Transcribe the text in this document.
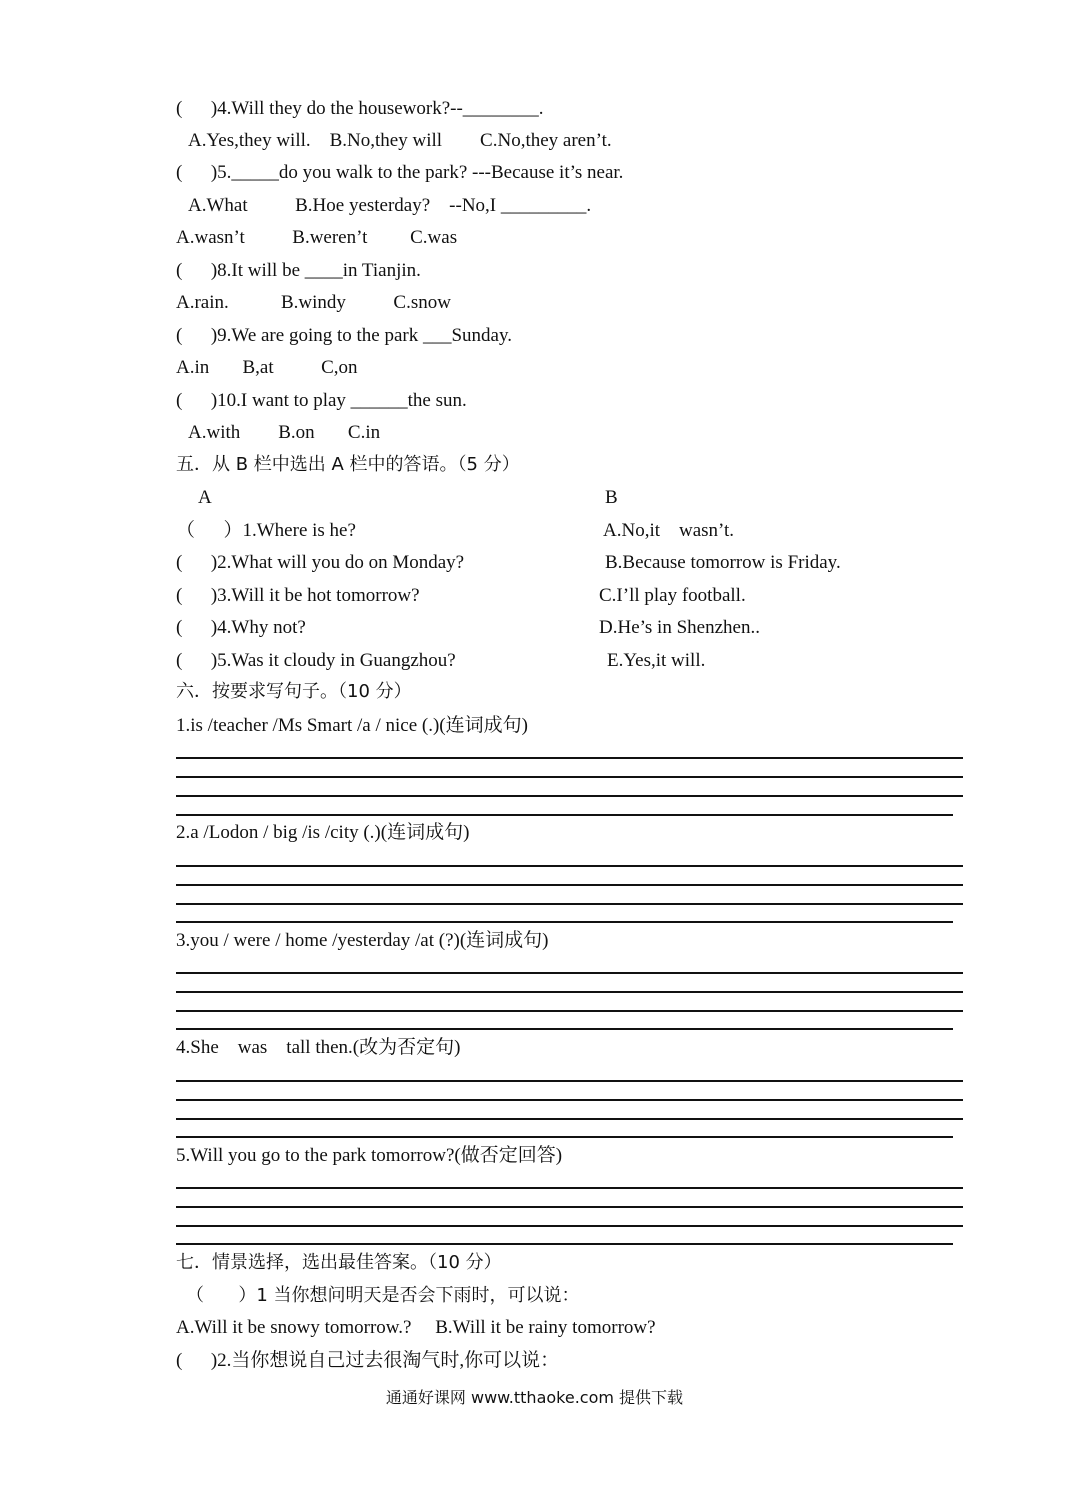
(      )4.Will they do the housework?--________.
A.Yes,they will.    B.No,they will        C.No,they aren’t.
(      )5._____do you walk to the park? ---Because it’s near.
A.What          B.Hoe yesterday?    --No,I _________.
A.wasn’t          B.weren’t         C.was
(      )8.It will be ____in Tianjin.
A.rain.           B.windy          C.snow
(      )9.We are going to the park ___Sunday.
A.in       B,at          C,on
(      )10.I want to play ______the sun.
A.with        B.on       C.in
五．从 B 栏中选出 A 栏中的答语。（5 分）
A	B
（      ）1.Where is he?
(      )2.What will you do on Monday?
(      )3.Will it be hot tomorrow?
(      )4.Why not?
(      )5.Was it cloudy in Guangzhou?
A.No,it    wasn’t.
B.Because tomorrow is Friday.
C.I’ll play football.
D.He’s in Shenzhen..
E.Yes,it will.
六．按要求写句子。（10 分）
1.is /teacher /Ms Smart /a / nice (.)(连词成句)
2.a /Lodon / big /is /city (.)(连词成句)
3.you / were / home /yesterday /at (?)(连词成句)
4.She    was    tall then.(改为否定句)
5.Will you go to the park tomorrow?(做否定回答)
七．情景选择，选出最佳答案。（10 分）
（      ）1 当你想问明天是否会下雨时，可以说：
A.Will it be snowy tomorrow.?     B.Will it be rainy tomorrow?
(      )2.当你想说自己过去很淘气时,你可以说：
通通好课网 www.tthaoke.com 提供下载
